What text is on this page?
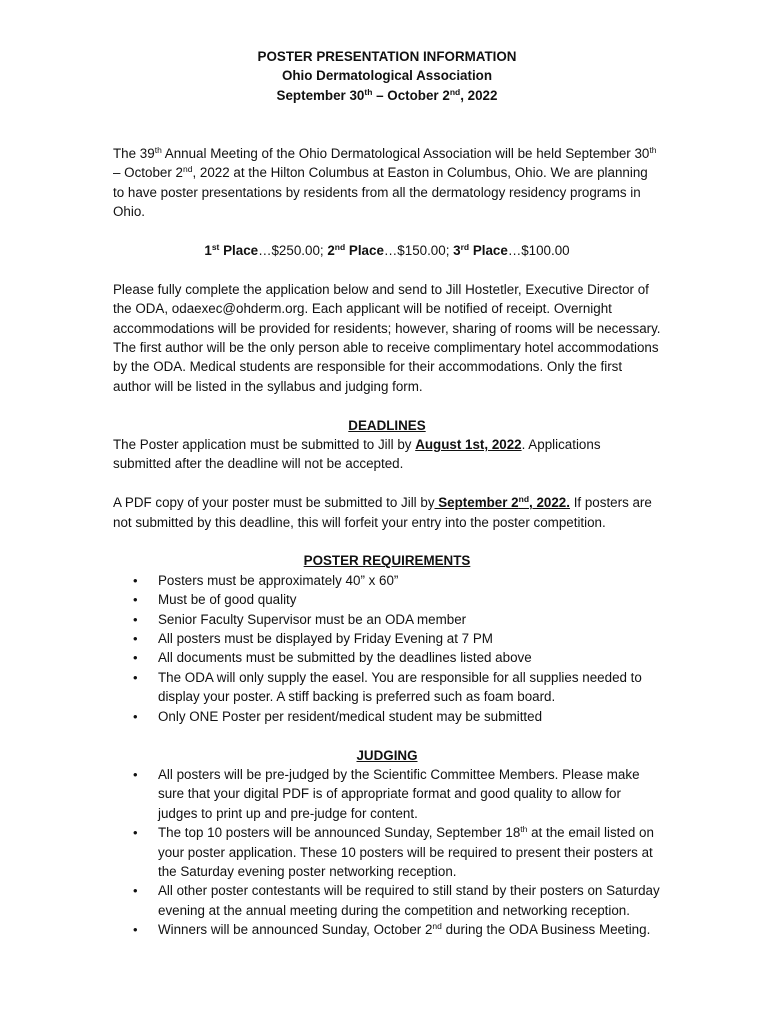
POSTER PRESENTATION INFORMATION
Ohio Dermatological Association
September 30th – October 2nd, 2022

The 39th Annual Meeting of the Ohio Dermatological Association will be held September 30th – October 2nd, 2022 at the Hilton Columbus at Easton in Columbus, Ohio. We are planning to have poster presentations by residents from all the dermatology residency programs in Ohio.

1st Place…$250.00; 2nd Place…$150.00; 3rd Place…$100.00

Please fully complete the application below and send to Jill Hostetler, Executive Director of the ODA, odaexec@ohderm.org. Each applicant will be notified of receipt. Overnight accommodations will be provided for residents; however, sharing of rooms will be necessary. The first author will be the only person able to receive complimentary hotel accommodations by the ODA. Medical students are responsible for their accommodations. Only the first author will be listed in the syllabus and judging form.

DEADLINES

The Poster application must be submitted to Jill by August 1st, 2022. Applications submitted after the deadline will not be accepted.

A PDF copy of your poster must be submitted to Jill by September 2nd, 2022. If posters are not submitted by this deadline, this will forfeit your entry into the poster competition.

POSTER REQUIREMENTS

• Posters must be approximately 40” x 60”
• Must be of good quality
• Senior Faculty Supervisor must be an ODA member
• All posters must be displayed by Friday Evening at 7 PM
• All documents must be submitted by the deadlines listed above
• The ODA will only supply the easel. You are responsible for all supplies needed to display your poster. A stiff backing is preferred such as foam board.
• Only ONE Poster per resident/medical student may be submitted

JUDGING

• All posters will be pre-judged by the Scientific Committee Members. Please make sure that your digital PDF is of appropriate format and good quality to allow for judges to print up and pre-judge for content.
• The top 10 posters will be announced Sunday, September 18th at the email listed on your poster application. These 10 posters will be required to present their posters at the Saturday evening poster networking reception.
• All other poster contestants will be required to still stand by their posters on Saturday evening at the annual meeting during the competition and networking reception.
• Winners will be announced Sunday, October 2nd during the ODA Business Meeting.
